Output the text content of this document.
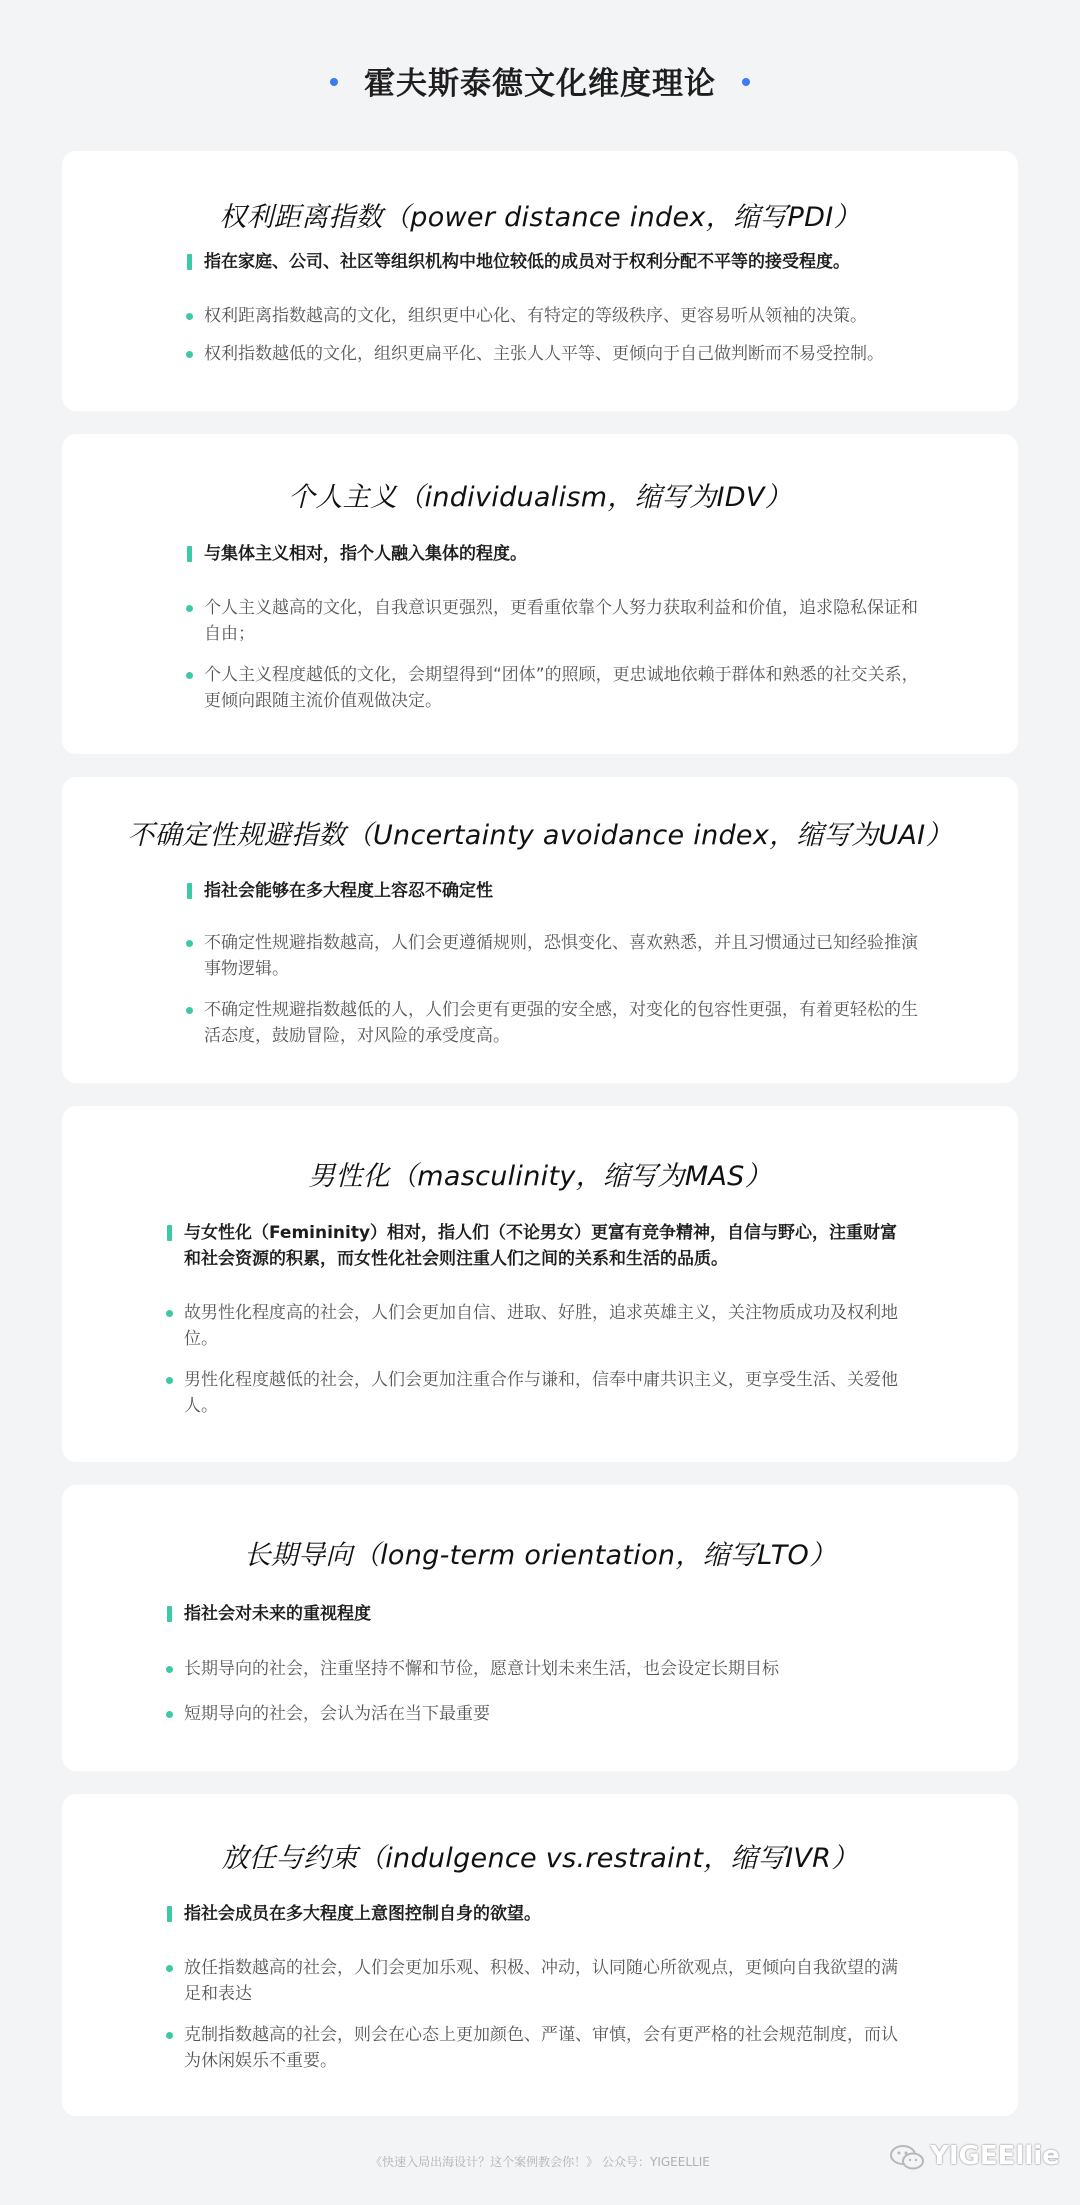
霍夫斯泰德文化维度理论
权利距离指数（power distance index，缩写PDI）
指在家庭、公司、社区等组织机构中地位较低的成员对于权利分配不平等的接受程度。
权利距离指数越高的文化，组织更中心化、有特定的等级秩序、更容易听从领袖的决策。
权利指数越低的文化，组织更扁平化、主张人人平等、更倾向于自己做判断而不易受控制。
个人主义（individualism，缩写为IDV）
与集体主义相对，指个人融入集体的程度。
个人主义越高的文化，自我意识更强烈，更看重依靠个人努力获取利益和价值，追求隐私保证和自由；
个人主义程度越低的文化，会期望得到“团体”的照顾，更忠诚地依赖于群体和熟悉的社交关系，更倾向跟随主流价值观做决定。
不确定性规避指数（Uncertainty avoidance index，缩写为UAI）
指社会能够在多大程度上容忍不确定性
不确定性规避指数越高，人们会更遵循规则，恐惧变化、喜欢熟悉，并且习惯通过已知经验推演事物逻辑。
不确定性规避指数越低的人，人们会更有更强的安全感，对变化的包容性更强，有着更轻松的生活态度，鼓励冒险，对风险的承受度高。
男性化（masculinity，缩写为MAS）
与女性化（Femininity）相对，指人们（不论男女）更富有竞争精神，自信与野心，注重财富和社会资源的积累，而女性化社会则注重人们之间的关系和生活的品质。
故男性化程度高的社会，人们会更加自信、进取、好胜，追求英雄主义，关注物质成功及权利地位。
男性化程度越低的社会，人们会更加注重合作与谦和，信奉中庸共识主义，更享受生活、关爱他人。
长期导向（long-term orientation，缩写LTO）
指社会对未来的重视程度
长期导向的社会，注重坚持不懈和节俭，愿意计划未来生活，也会设定长期目标
短期导向的社会，会认为活在当下最重要
放任与约束（indulgence vs.restraint，缩写IVR）
指社会成员在多大程度上意图控制自身的欲望。
放任指数越高的社会，人们会更加乐观、积极、冲动，认同随心所欲观点，更倾向自我欲望的满足和表达
克制指数越高的社会，则会在心态上更加颜色、严谨、审慎，会有更严格的社会规范制度，而认为休闲娱乐不重要。
《快速入局出海设计？这个案例教会你！》 公众号：YIGEELLIE	YIGEEllie
